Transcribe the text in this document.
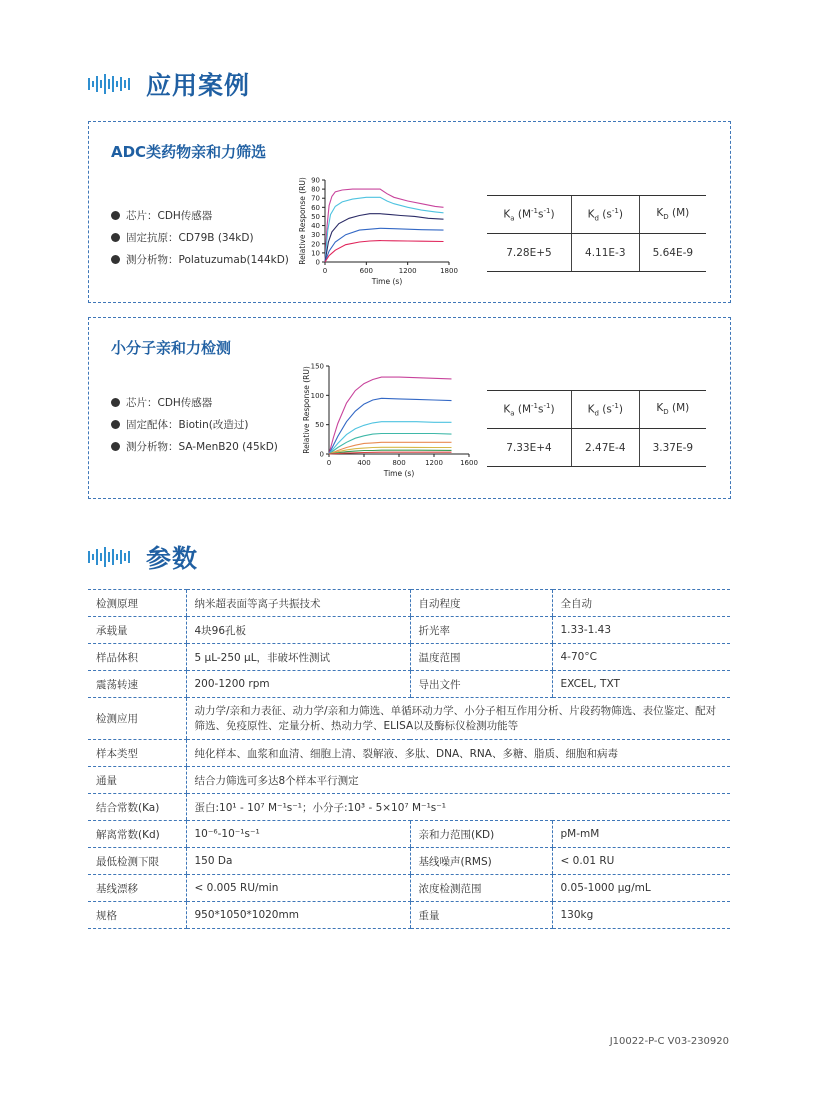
应用案例
ADC类药物亲和力筛选
芯片：CDH传感器
固定抗原：CD79B (34kD)
测分析物：Polatuzumab(144kD)	0
10
20
30
40
50
60
70
80
90
0	600	1200	1800
Time (s)
Relative Response (RU)	$K_a$ $(M^{-1}s^{-1})$	$K_d$ $(s^{-1})$	$K_D$ (M)
7.28E+5	4.11E-3	5.64E-9
小分子亲和力检测
芯片：CDH传感器
固定配体：Biotin(改造过)
测分析物：SA-MenB20 (45kD)
0
50
100
150
0	400	800	1200 1600
Time (s)
Relative Response (RU)	$K_a$ $(M^{-1}s^{-1})$	$K_d$ $(s^{-1})$	$K_D$ (M)
7.33E+4	2.47E-4	3.37E-9
参数
检测原理	纳米超表面等离子共振技术	自动程度	全自动
承载量	4块96孔板	折光率	1.33-1.43
样品体积	5 µL-250 µL，非破坏性测试	温度范围	4-70°C
震荡转速	200-1200 rpm	导出文件	EXCEL, TXT
检测应用	动力学/亲和力表征、动力学/亲和力筛选、单循环动力学、小分子相互作用分析、片段药物筛选、表位鉴定、配对筛选、免疫原性、定量分析、热动力学、ELISA以及酶标仪检测功能等		
样本类型	纯化样本、血浆和血清、细胞上清、裂解液、多肽、DNA、RNA、多糖、脂质、细胞和病毒		
通量	结合力筛选可多达8个样本平行测定		
结合常数(Ka)	蛋白:10¹ - 10⁷ M⁻¹s⁻¹；小分子:10³ - 5×10⁷ M⁻¹s⁻¹		
解离常数(Kd)	10⁻⁶-10⁻¹s⁻¹	亲和力范围(KD)	pM-mM
最低检测下限	150 Da	基线噪声(RMS)	< 0.01 RU
基线漂移	< 0.005 RU/min	浓度检测范围	0.05-1000 µg/mL
规格	950*1050*1020mm	重量	130kg
J10022-P-C V03-230920
